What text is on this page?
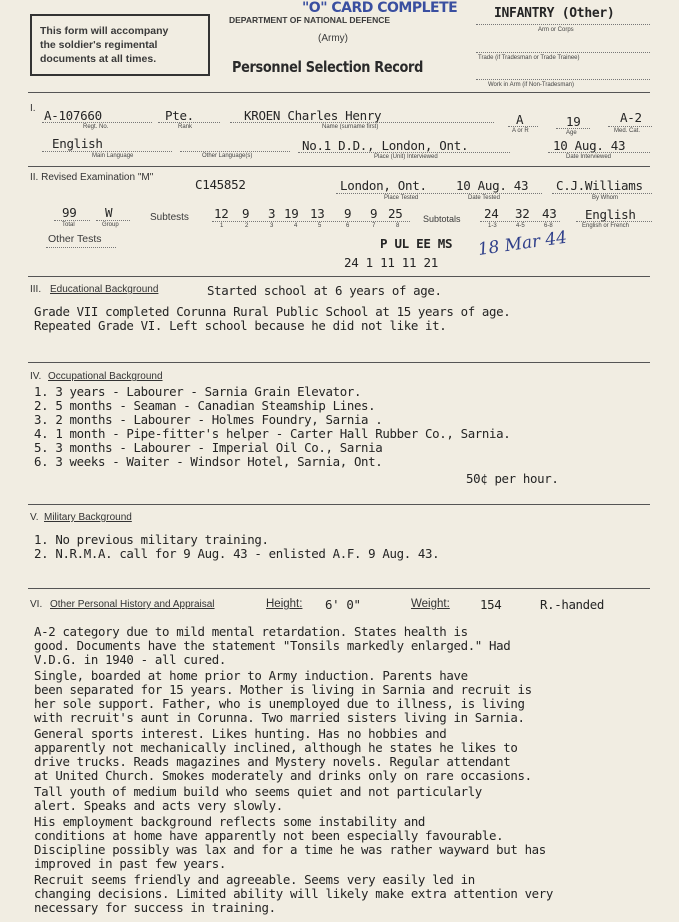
This form will accompany
the soldier's regimental
documents at all times.
"O" CARD COMPLETE
DEPARTMENT OF NATIONAL DEFENCE
(Army)
Personnel Selection Record
INFANTRY (Other)
Arm or Corps
Trade (if Tradesman or Trade Trainee)
Work in Arm (if Non-Tradesman)
I. A-107660
Regt. No.
Pte.
Rank
KROEN Charles Henry
Name (surname first)	A
A or R
19
Age
A-2
Med. Cat.
English
Main Language	Other Language(s)
No.1 D.D., London, Ont.
Place (Unit) Interviewed
10 Aug. 43
Date Interviewed
II. Revised Examination "M"	C145852	London, Ont. 10 Aug. 43
Place Tested	Date Tested
C.J.Williams
By Whom
99
Total
W
Group
Subtests 12 9 3 19 13 9 9 25
1	2	3	4	5	6	7	8
Subtotals 24 32 43
1-3	4-5	6-8
English
English or French
Other Tests	P UL EE MS
24 1 11 11 21
18 Mar 44
III. Educational Background	Started school at 6 years of age.
Grade VII completed Corunna Rural Public School at 15 years of age.
Repeated Grade VI. Left school because he did not like it.
IV. Occupational Background
1. 3 years - Labourer - Sarnia Grain Elevator.
2. 5 months - Seaman - Canadian Steamship Lines.
3. 2 months - Labourer - Holmes Foundry, Sarnia .
4. 1 month - Pipe-fitter's helper - Carter Hall Rubber Co., Sarnia.
5. 3 months - Labourer - Imperial Oil Co., Sarnia
6. 3 weeks - Waiter - Windsor Hotel, Sarnia, Ont.
50¢ per hour.
V. Military Background
1. No previous military training.
2. N.R.M.A. call for 9 Aug. 43 - enlisted A.F. 9 Aug. 43.
VI. Other Personal History and Appraisal	Height: 6' 0"	Weight: 154	R.-handed
A-2 category due to mild mental retardation. States health is
good. Documents have the statement "Tonsils markedly enlarged." Had
V.D.G. in 1940 - all cured.
Single, boarded at home prior to Army induction. Parents have
been separated for 15 years. Mother is living in Sarnia and recruit is
her sole support. Father, who is unemployed due to illness, is living
with recruit's aunt in Corunna. Two married sisters living in Sarnia.
General sports interest. Likes hunting. Has no hobbies and
apparently not mechanically inclined, although he states he likes to
drive trucks. Reads magazines and Mystery novels. Regular attendant
at United Church. Smokes moderately and drinks only on rare occasions.
Tall youth of medium build who seems quiet and not particularly
alert. Speaks and acts very slowly.
His employment background reflects some instability and
conditions at home have apparently not been especially favourable.
Discipline possibly was lax and for a time he was rather wayward but has
improved in past few years.
Recruit seems friendly and agreeable. Seems very easily led in
changing decisions. Limited ability will likely make extra attention very
necessary for success in training.
